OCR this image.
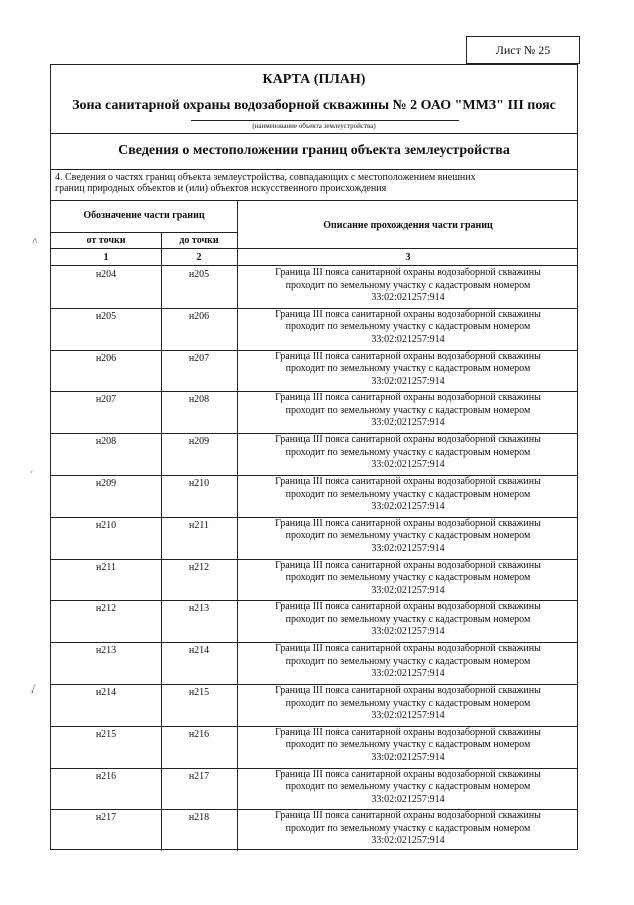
Лист № 25
˄
͵
,̸
КАРТА (ПЛАН)
Зона санитарной охраны водозаборной скважины № 2 ОАО "ММЗ" III пояс
(наименование объекта землеустройства)
Сведения о местоположении границ объекта землеустройства
4. Сведения о частях границ объекта землеустройства, совпадающих с местоположением внешних
границ природных объектов и (или) объектов искусственного происхождения
Обозначение части границ
от точки	до точки
Описание прохождения части границ
1	2	3
н204	н205	Граница III пояса санитарной охраны водозаборной скважины
проходит по земельному участку с кадастровым номером
33:02:021257:914
н205	н206	Граница III пояса санитарной охраны водозаборной скважины
проходит по земельному участку с кадастровым номером
33:02:021257:914
н206	н207	Граница III пояса санитарной охраны водозаборной скважины
проходит по земельному участку с кадастровым номером
33:02:021257:914
н207	н208	Граница III пояса санитарной охраны водозаборной скважины
проходит по земельному участку с кадастровым номером
33:02:021257:914
н208	н209	Граница III пояса санитарной охраны водозаборной скважины
проходит по земельному участку с кадастровым номером
33:02:021257:914
н209	н210	Граница III пояса санитарной охраны водозаборной скважины
проходит по земельному участку с кадастровым номером
33:02:021257:914
н210	н211	Граница III пояса санитарной охраны водозаборной скважины
проходит по земельному участку с кадастровым номером
33:02:021257:914
н211	н212	Граница III пояса санитарной охраны водозаборной скважины
проходит по земельному участку с кадастровым номером
33:02:021257:914
н212	н213	Граница III пояса санитарной охраны водозаборной скважины
проходит по земельному участку с кадастровым номером
33:02:021257:914
н213	н214	Граница III пояса санитарной охраны водозаборной скважины
проходит по земельному участку с кадастровым номером
33:02:021257:914
н214	н215	Граница III пояса санитарной охраны водозаборной скважины
проходит по земельному участку с кадастровым номером
33:02:021257:914
н215	н216	Граница III пояса санитарной охраны водозаборной скважины
проходит по земельному участку с кадастровым номером
33:02:021257:914
н216	н217	Граница III пояса санитарной охраны водозаборной скважины
проходит по земельному участку с кадастровым номером
33:02:021257:914
н217	н218	Граница III пояса санитарной охраны водозаборной скважины
проходит по земельному участку с кадастровым номером
33:02:021257:914
